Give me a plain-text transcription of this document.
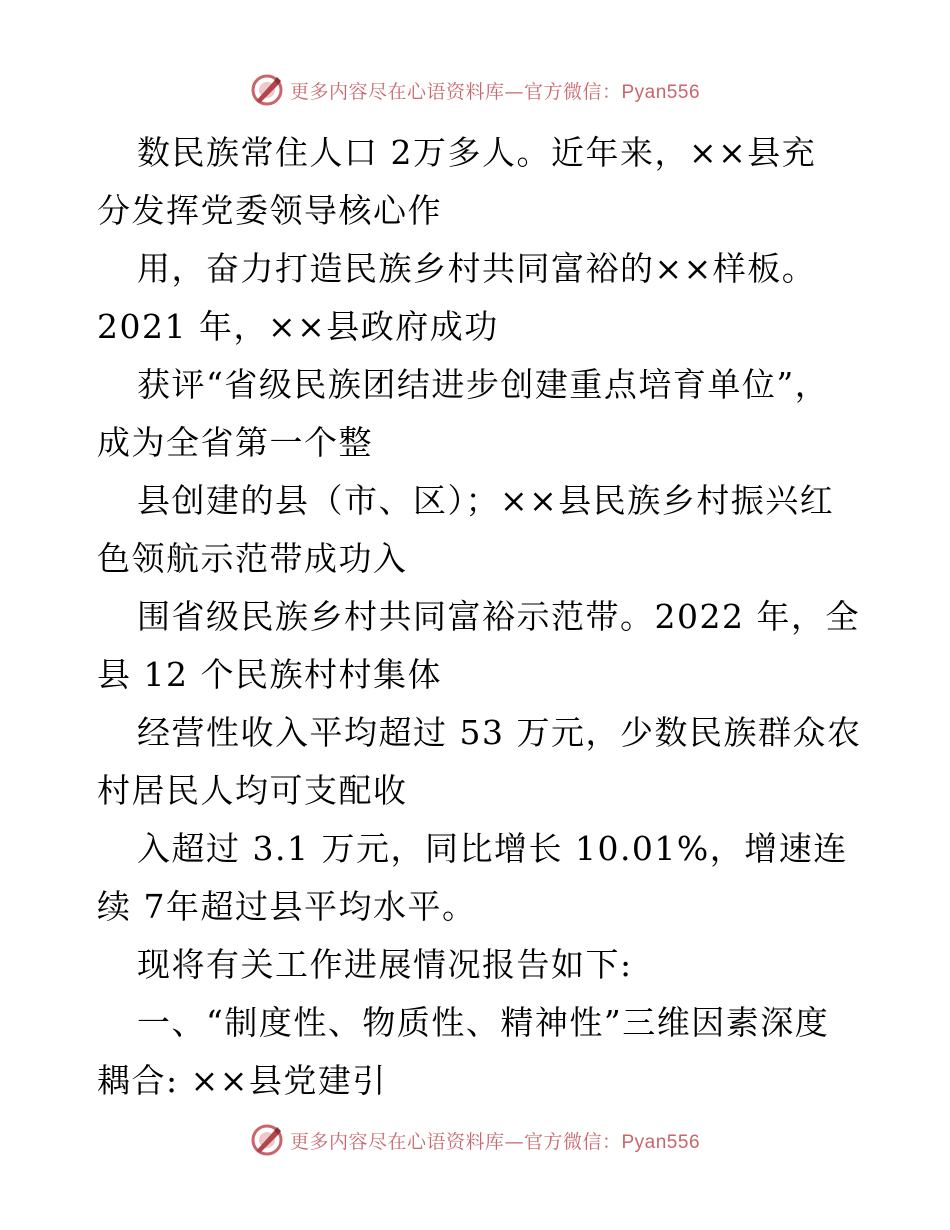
更多内容尽在心语资料库—官方微信：Pyan556

数民族常住人口 2万多人。近年来，××县充
分发挥党委领导核心作

用，奋力打造民族乡村共同富裕的××样板。
2021 年，××县政府成功

获评“省级民族团结进步创建重点培育单位”，
成为全省第一个整

县创建的县（市、区）；××县民族乡村振兴红
色领航示范带成功入

围省级民族乡村共同富裕示范带。2022 年，全
县 12 个民族村村集体

经营性收入平均超过 53 万元，少数民族群众农
村居民人均可支配收

入超过 3.1 万元，同比增长 10.01%，增速连
续 7年超过县平均水平。

现将有关工作进展情况报告如下:

一、“制度性、物质性、精神性”三维因素深度
耦合: ××县党建引

更多内容尽在心语资料库—官方微信：Pyan556
